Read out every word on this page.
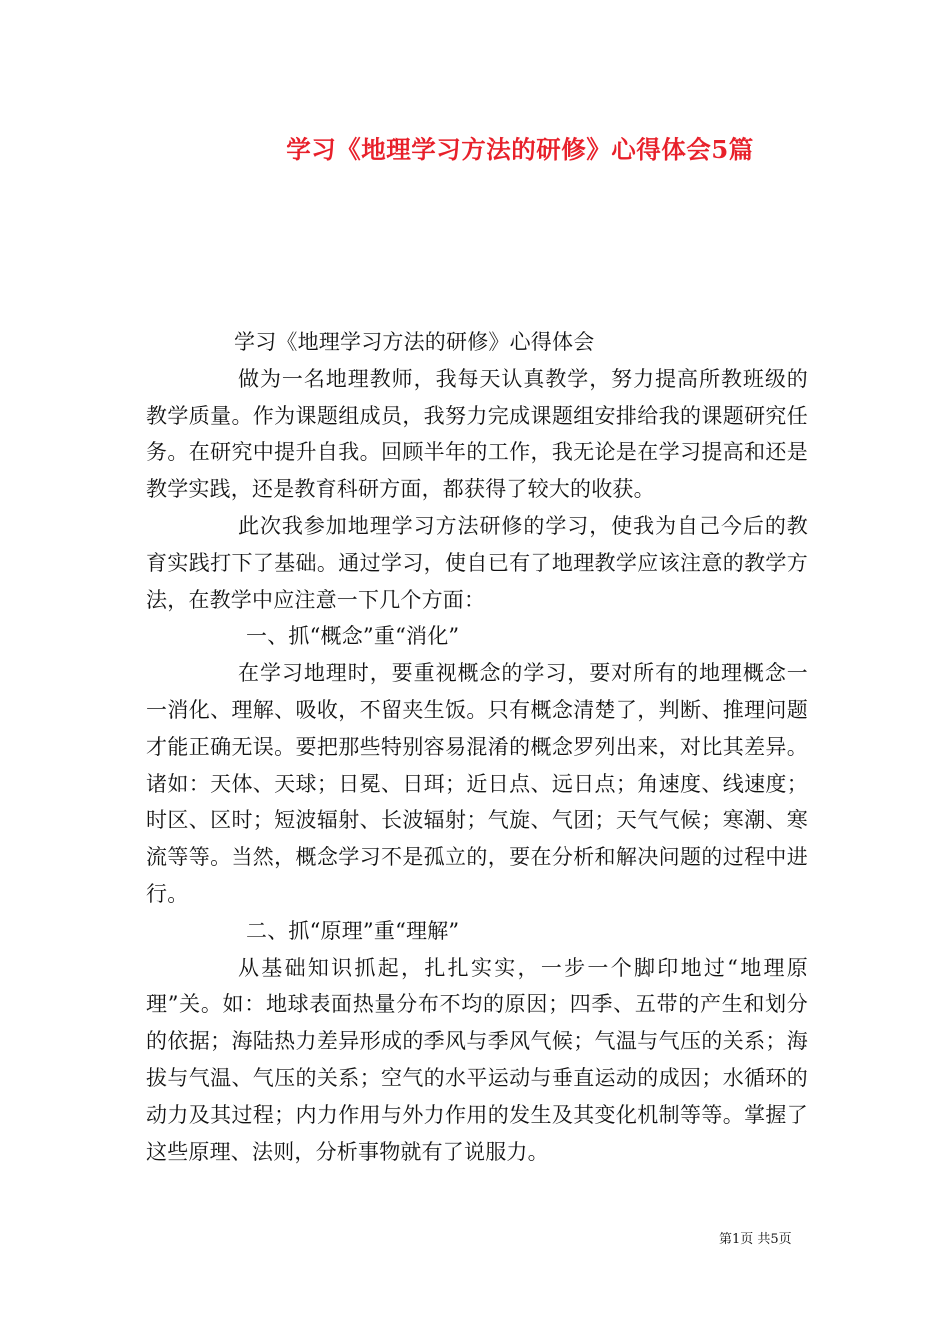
学习《地理学习方法的研修》心得体会5篇

学习《地理学习方法的研修》心得体会

做为一名地理教师，我每天认真教学，努力提高所教班级的教学质量。作为课题组成员，我努力完成课题组安排给我的课题研究任务。在研究中提升自我。回顾半年的工作，我无论是在学习提高和还是教学实践，还是教育科研方面，都获得了较大的收获。

此次我参加地理学习方法研修的学习，使我为自己今后的教育实践打下了基础。通过学习，使自已有了地理教学应该注意的教学方法，在教学中应注意一下几个方面：

一、抓“概念”重“消化”

在学习地理时，要重视概念的学习，要对所有的地理概念一一消化、理解、吸收，不留夹生饭。只有概念清楚了，判断、推理问题才能正确无误。要把那些特别容易混淆的概念罗列出来，对比其差异。诸如：天体、天球；日冕、日珥；近日点、远日点；角速度、线速度；时区、区时；短波辐射、长波辐射；气旋、气团；天气气候；寒潮、寒流等等。当然，概念学习不是孤立的，要在分析和解决问题的过程中进行。

二、抓“原理”重“理解”

从基础知识抓起，扎扎实实，一步一个脚印地过“地理原理”关。如：地球表面热量分布不均的原因；四季、五带的产生和划分的依据；海陆热力差异形成的季风与季风气候；气温与气压的关系；海拔与气温、气压的关系；空气的水平运动与垂直运动的成因；水循环的动力及其过程；内力作用与外力作用的发生及其变化机制等等。掌握了这些原理、法则，分析事物就有了说服力。

第1页 共5页
